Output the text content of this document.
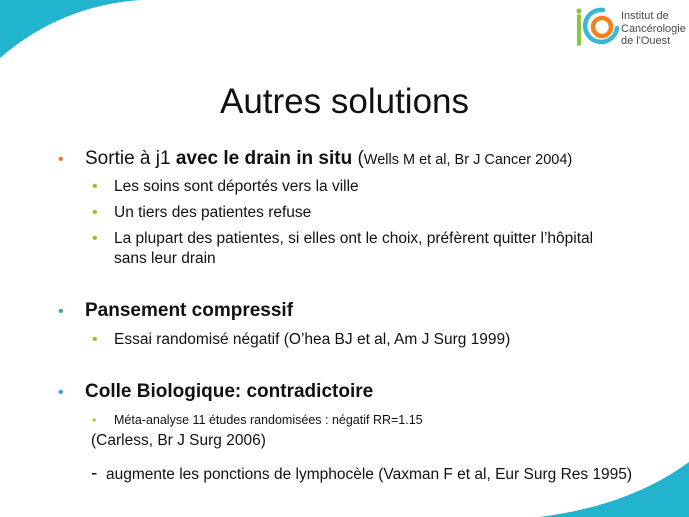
Institut de
Cancérologie
de l'Ouest
Autres solutions
• Sortie à j1 avec le drain in situ (Wells M et al, Br J Cancer 2004)
• Les soins sont déportés vers la ville
• Un tiers des patientes refuse
• La plupart des patientes, si elles ont le choix, préfèrent quitter l’hôpital
sans leur drain
• Pansement compressif
• Essai randomisé négatif (O’hea BJ et al, Am J Surg 1999)
• Colle Biologique: contradictoire
• Méta-analyse 11 études randomisées : négatif RR=1.15
(Carless, Br J Surg 2006)
- augmente les ponctions de lymphocèle (Vaxman F et al, Eur Surg Res 1995)
